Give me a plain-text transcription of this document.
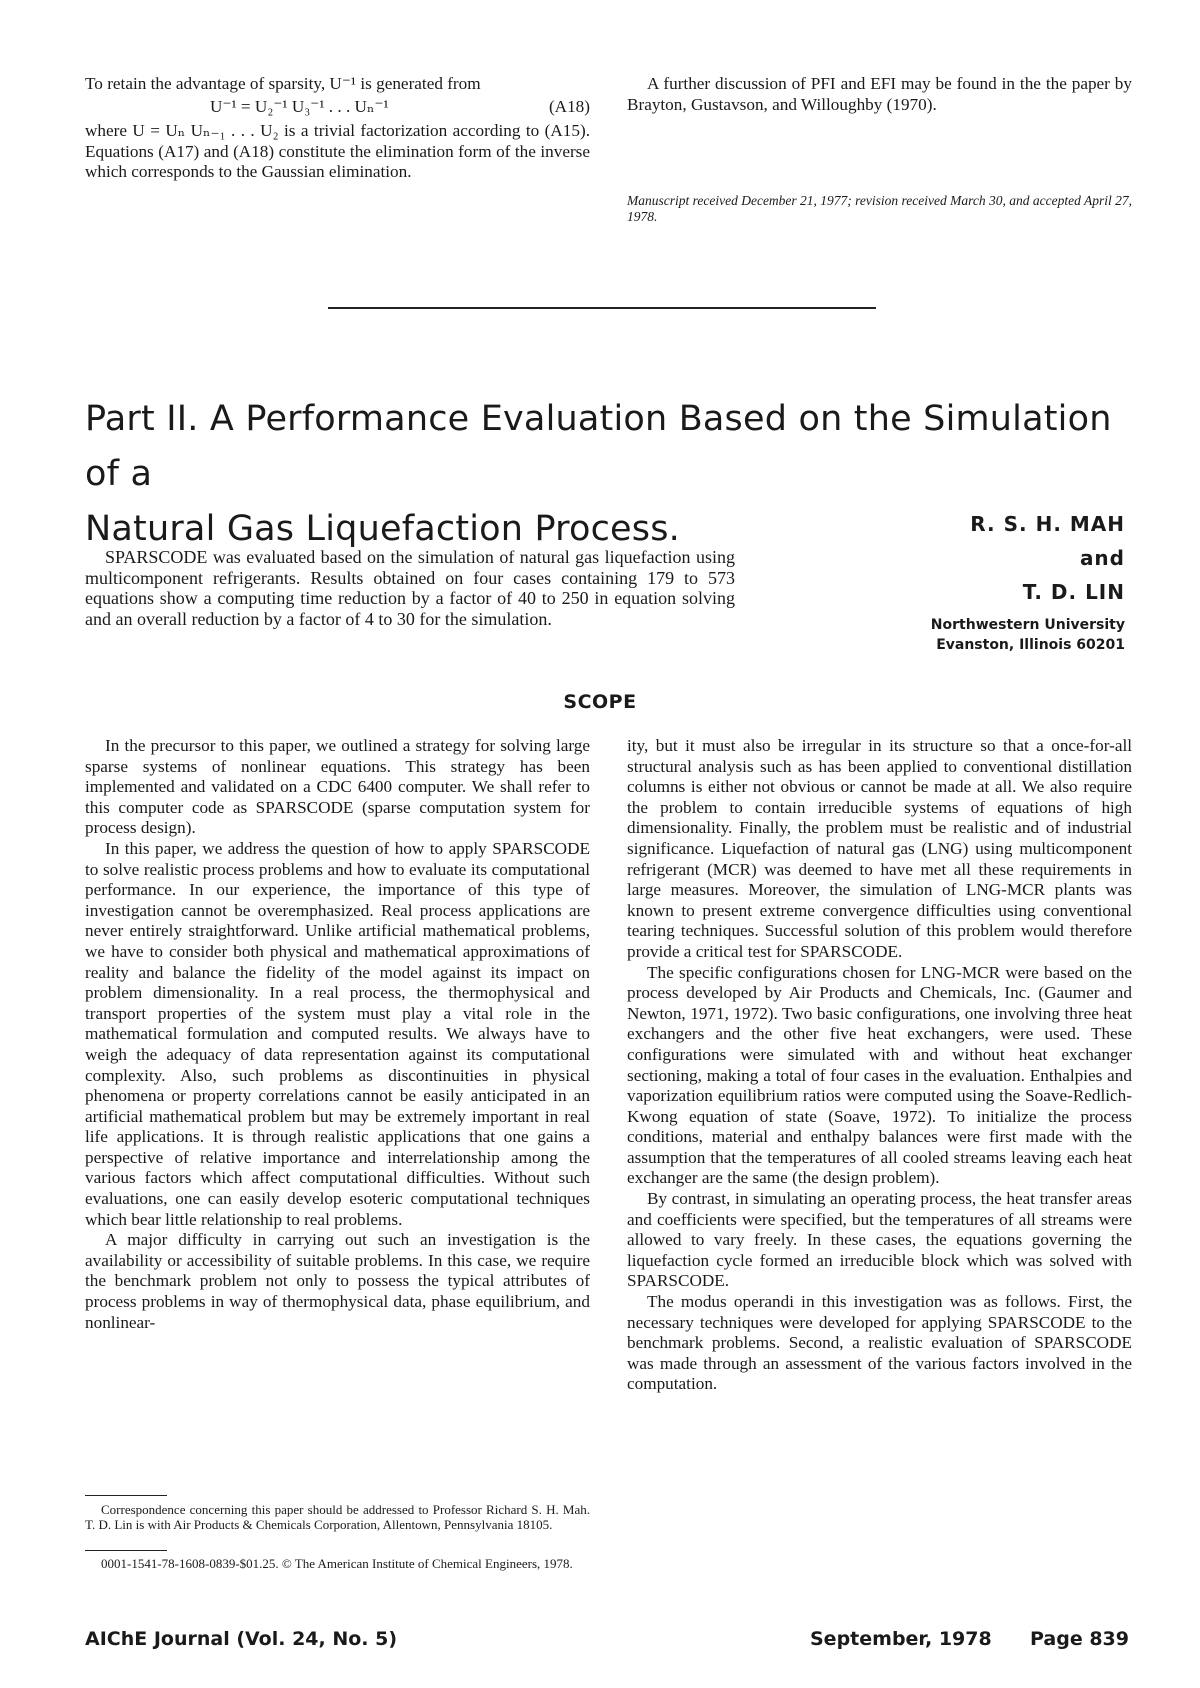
To retain the advantage of sparsity, U⁻¹ is generated from

U⁻¹ = U₂⁻¹ U₃⁻¹ . . . Uₙ⁻¹	(A18)

where U = Uₙ Uₙ₋₁ . . . U₂ is a trivial factorization according to (A15). Equations (A17) and (A18) constitute the elimination form of the inverse which corresponds to the Gaussian elimination.

A further discussion of PFI and EFI may be found in the the paper by Brayton, Gustavson, and Willoughby (1970).

Manuscript received December 21, 1977; revision received March 30, and accepted April 27, 1978.
Part II. A Performance Evaluation Based on the Simulation of a
Natural Gas Liquefaction Process.	R. S. H. MAH
and
T. D. LIN
Northwestern University
Evanston, Illinois 60201

SPARSCODE was evaluated based on the simulation of natural gas liquefaction using multicomponent refrigerants. Results obtained on four cases containing 179 to 573 equations show a computing time reduction by a factor of 40 to 250 in equation solving and an overall reduction by a factor of 4 to 30 for the simulation.

SCOPE

In the precursor to this paper, we outlined a strategy for solving large sparse systems of nonlinear equations. This strategy has been implemented and validated on a CDC 6400 computer. We shall refer to this computer code as SPARSCODE (sparse computation system for process design).

In this paper, we address the question of how to apply SPARSCODE to solve realistic process problems and how to evaluate its computational performance. In our experience, the importance of this type of investigation cannot be overemphasized. Real process applications are never entirely straightforward. Unlike artificial mathematical problems, we have to consider both physical and mathematical approximations of reality and balance the fidelity of the model against its impact on problem dimensionality. In a real process, the thermophysical and transport properties of the system must play a vital role in the mathematical formulation and computed results. We always have to weigh the adequacy of data representation against its computational complexity. Also, such problems as discontinuities in physical phenomena or property correlations cannot be easily anticipated in an artificial mathematical problem but may be extremely important in real life applications. It is through realistic applications that one gains a perspective of relative importance and interrelationship among the various factors which affect computational difficulties. Without such evaluations, one can easily develop esoteric computational techniques which bear little relationship to real problems.

A major difficulty in carrying out such an investigation is the availability or accessibility of suitable problems. In this case, we require the benchmark problem not only to possess the typical attributes of process problems in way of thermophysical data, phase equilibrium, and nonlinear-

Correspondence concerning this paper should be addressed to Professor Richard S. H. Mah. T. D. Lin is with Air Products & Chemicals Corporation, Allentown, Pennsylvania 18105.

0001-1541-78-1608-0839-$01.25. © The American Institute of Chemical Engineers, 1978.

ity, but it must also be irregular in its structure so that a once-for-all structural analysis such as has been applied to conventional distillation columns is either not obvious or cannot be made at all. We also require the problem to contain irreducible systems of equations of high dimensionality. Finally, the problem must be realistic and of industrial significance. Liquefaction of natural gas (LNG) using multicomponent refrigerant (MCR) was deemed to have met all these requirements in large measures. Moreover, the simulation of LNG-MCR plants was known to present extreme convergence difficulties using conventional tearing techniques. Successful solution of this problem would therefore provide a critical test for SPARSCODE.

The specific configurations chosen for LNG-MCR were based on the process developed by Air Products and Chemicals, Inc. (Gaumer and Newton, 1971, 1972). Two basic configurations, one involving three heat exchangers and the other five heat exchangers, were used. These configurations were simulated with and without heat exchanger sectioning, making a total of four cases in the evaluation. Enthalpies and vaporization equilibrium ratios were computed using the Soave-Redlich-Kwong equation of state (Soave, 1972). To initialize the process conditions, material and enthalpy balances were first made with the assumption that the temperatures of all cooled streams leaving each heat exchanger are the same (the design problem).

By contrast, in simulating an operating process, the heat transfer areas and coefficients were specified, but the temperatures of all streams were allowed to vary freely. In these cases, the equations governing the liquefaction cycle formed an irreducible block which was solved with SPARSCODE.

The modus operandi in this investigation was as follows. First, the necessary techniques were developed for applying SPARSCODE to the benchmark problems. Second, a realistic evaluation of SPARSCODE was made through an assessment of the various factors involved in the computation.

AIChE Journal (Vol. 24, No. 5)	September, 1978 Page 839
